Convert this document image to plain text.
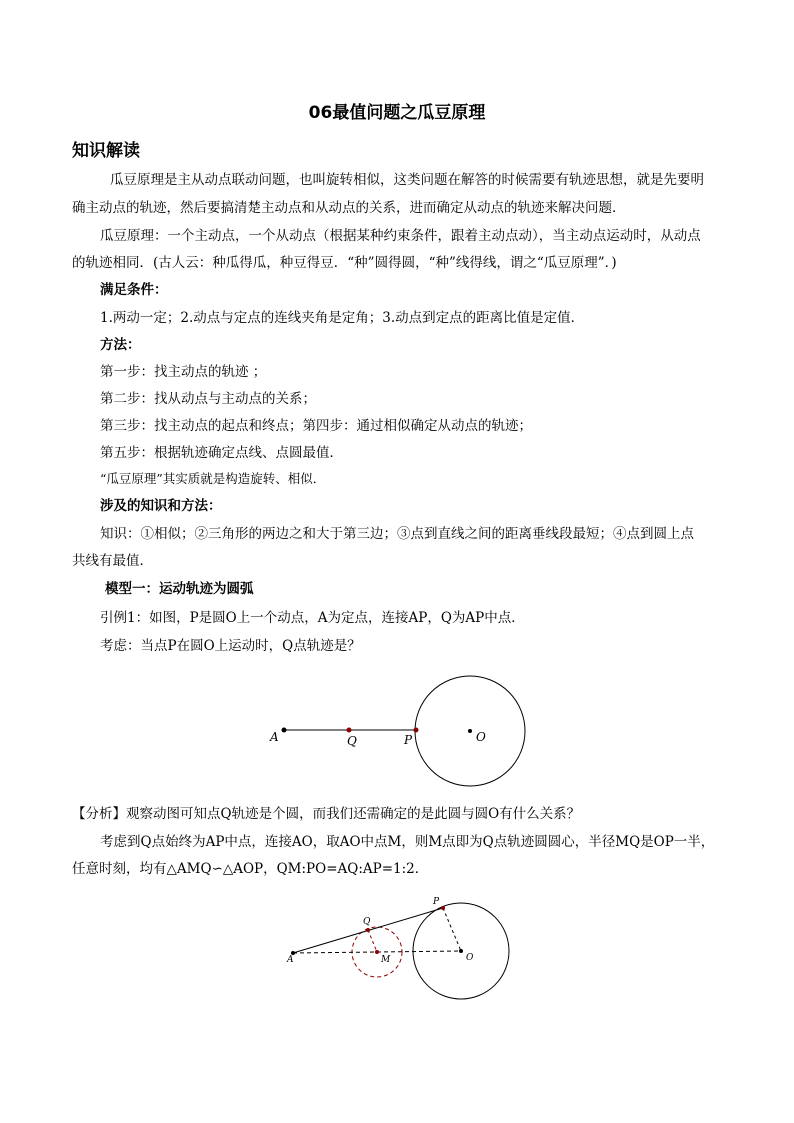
06最值问题之瓜豆原理
知识解读
瓜豆原理是主从动点联动问题，也叫旋转相似，这类问题在解答的时候需要有轨迹思想，就是先要明
确主动点的轨迹，然后要搞清楚主动点和从动点的关系，进而确定从动点的轨迹来解决问题．
瓜豆原理：一个主动点，一个从动点（根据某种约束条件，跟着主动点动），当主动点运动时，从动点
的轨迹相同．(古人云：种瓜得瓜，种豆得豆．“种”圆得圆，“种”线得线，谓之“瓜豆原理”．)
满足条件：
1.两动一定；2.动点与定点的连线夹角是定角；3.动点到定点的距离比值是定值．
方法：
第一步：找主动点的轨迹 ；
第二步：找从动点与主动点的关系；
第三步：找主动点的起点和终点；第四步：通过相似确定从动点的轨迹；
第五步：根据轨迹确定点线、点圆最值．
“瓜豆原理”其实质就是构造旋转、相似．
涉及的知识和方法：
知识：①相似；②三角形的两边之和大于第三边；③点到直线之间的距离垂线段最短；④点到圆上点
共线有最值．
模型一：运动轨迹为圆弧
引例1：如图，P是圆O上一个动点，A为定点，连接AP，Q为AP中点．
考虑：当点P在圆O上运动时，Q点轨迹是？
A	Q	P	O
【分析】观察动图可知点Q轨迹是个圆，而我们还需确定的是此圆与圆O有什么关系？
考虑到Q点始终为AP中点，连接AO，取AO中点M，则M点即为Q点轨迹圆圆心，半径MQ是OP一半，
任意时刻，均有△AMQ∽△AOP，QM:PO=AQ:AP=1:2．
A
Q
P
M	O
